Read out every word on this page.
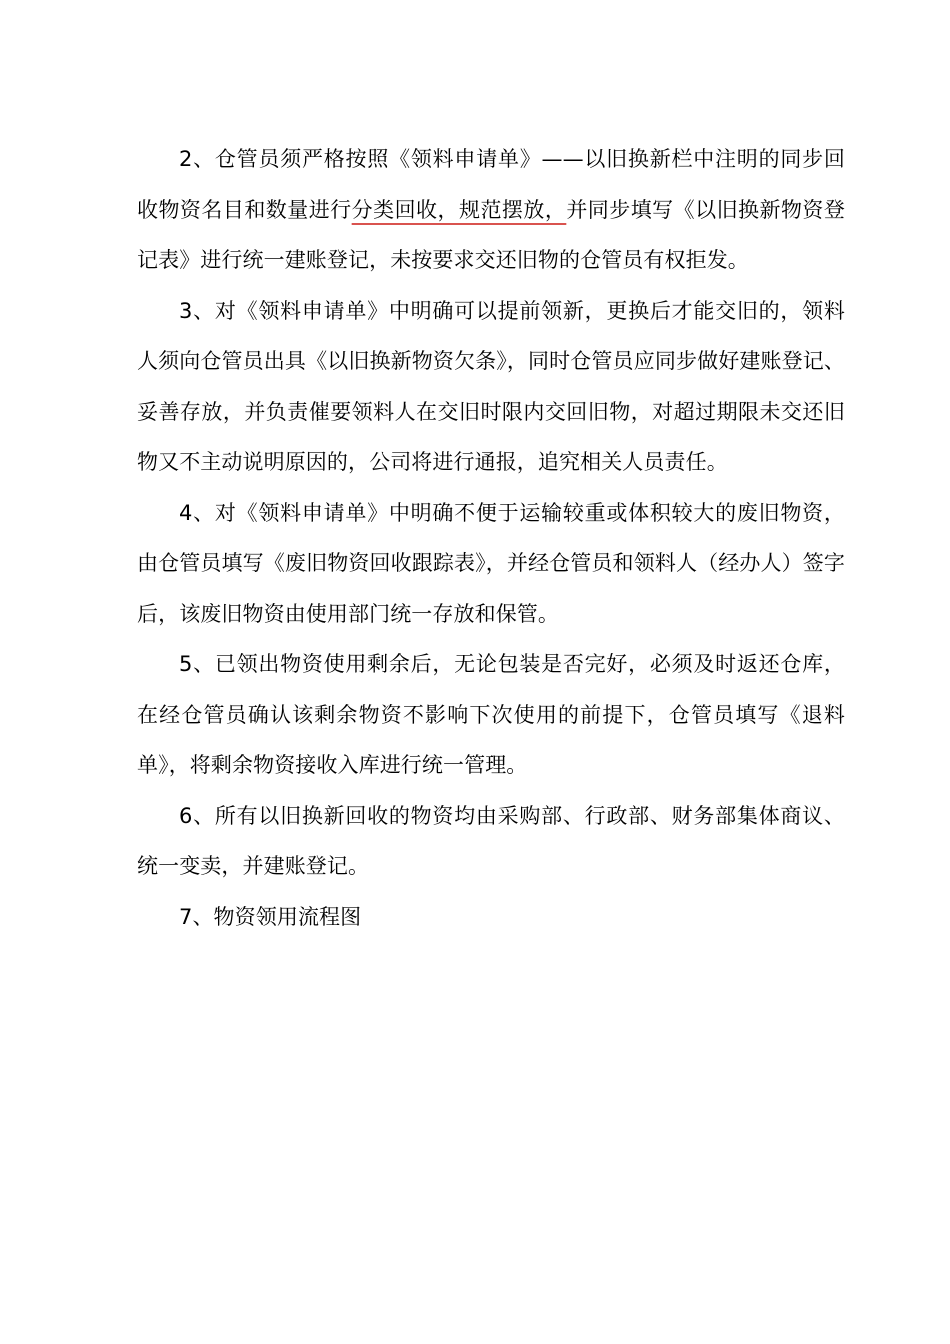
2、仓管员须严格按照《领料申请单》——以旧换新栏中注明的同步回收物资名目和数量进行分类回收，规范摆放，并同步填写《以旧换新物资登记表》进行统一建账登记，未按要求交还旧物的仓管员有权拒发。

3、对《领料申请单》中明确可以提前领新，更换后才能交旧的，领料人须向仓管员出具《以旧换新物资欠条》，同时仓管员应同步做好建账登记、妥善存放，并负责催要领料人在交旧时限内交回旧物，对超过期限未交还旧物又不主动说明原因的，公司将进行通报，追究相关人员责任。

4、对《领料申请单》中明确不便于运输较重或体积较大的废旧物资，由仓管员填写《废旧物资回收跟踪表》，并经仓管员和领料人（经办人）签字后，该废旧物资由使用部门统一存放和保管。

5、已领出物资使用剩余后，无论包装是否完好，必须及时返还仓库，在经仓管员确认该剩余物资不影响下次使用的前提下，仓管员填写《退料单》，将剩余物资接收入库进行统一管理。

6、所有以旧换新回收的物资均由采购部、行政部、财务部集体商议、统一变卖，并建账登记。

7、物资领用流程图
